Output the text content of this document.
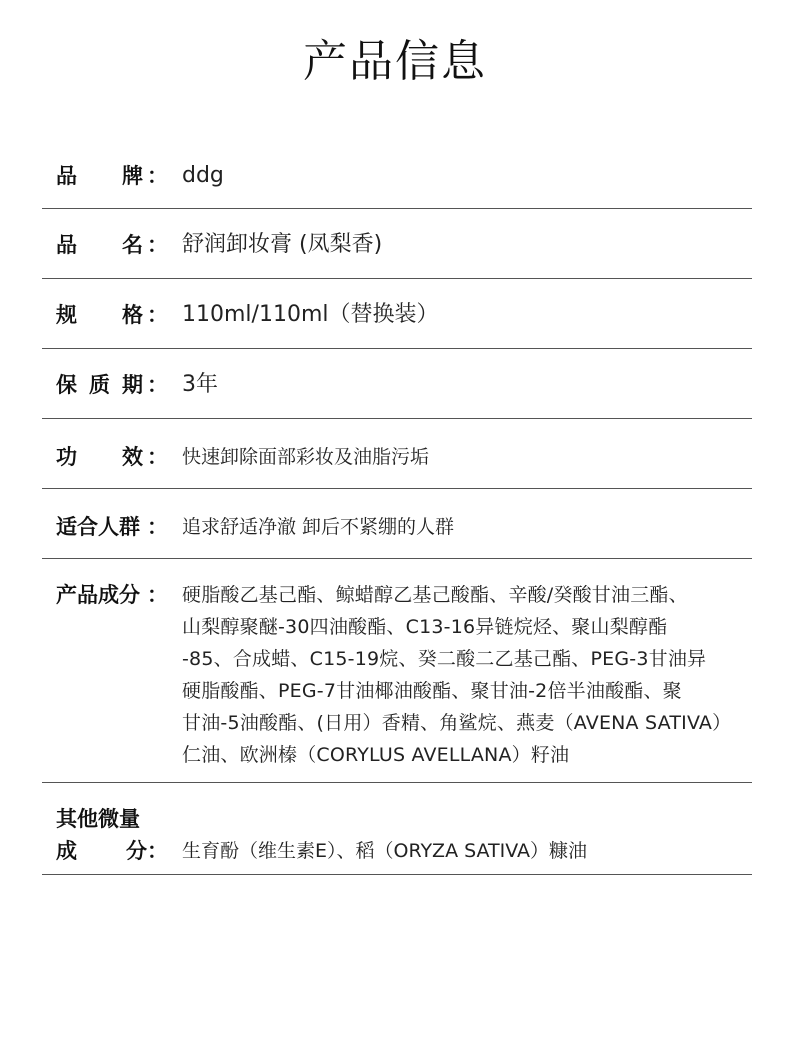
产品信息
品 牌 ： ddg
品 名 ： 舒润卸妆膏 (凤梨香)
规 格 ： 110ml/110ml（替换装）
保 质 期 ： 3年
功 效 ： 快速卸除面部彩妆及油脂污垢
适合人群 ： 追求舒适净澈 卸后不紧绷的人群
产品成分 ： 硬脂酸乙基己酯、鲸蜡醇乙基己酸酯、辛酸/癸酸甘油三酯、
山梨醇聚醚-30四油酸酯、C13-16异链烷烃、聚山梨醇酯
-85、合成蜡、C15-19烷、癸二酸二乙基己酯、PEG-3甘油异
硬脂酸酯、PEG-7甘油椰油酸酯、聚甘油-2倍半油酸酯、聚
甘油-5油酸酯、(日用）香精、角鲨烷、燕麦（AVENA SATIVA）
仁油、欧洲榛（CORYLUS AVELLANA）籽油
其他微量
成 分： 生育酚（维生素E）、稻（ORYZA SATIVA）糠油
